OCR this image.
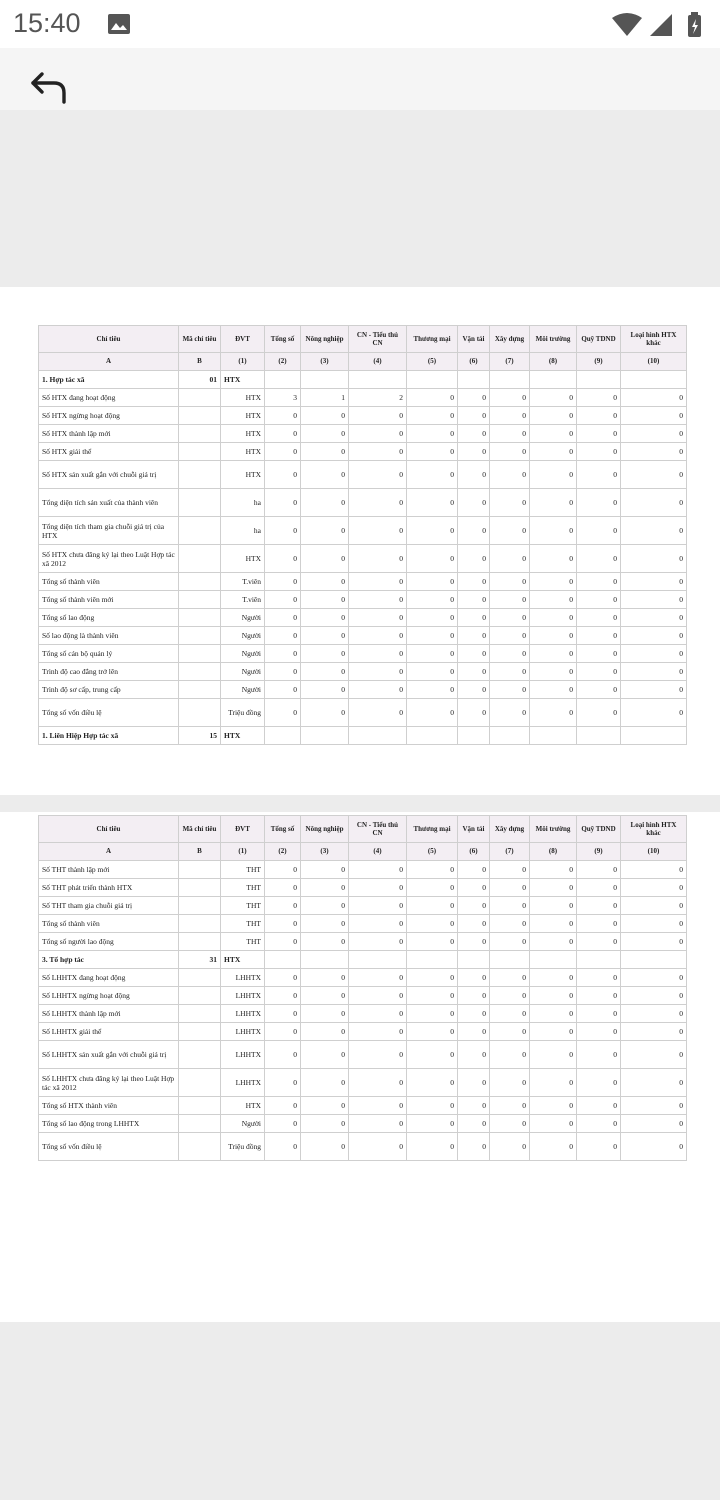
15:40
Chỉ tiêu	Mã chỉ tiêu	ĐVT	Tổng số	Nông nghiệp	CN - Tiểu thủ CN	Thương mại	Vận tải	Xây dựng	Môi trường	Quỹ TDND	Loại hình HTX khác
A	B	(1)	(2)	(3)	(4)	(5)	(6)	(7)	(8)	(9)	(10)
1. Hợp tác xã	01	HTX									
Số HTX đang hoạt động		HTX	3	1	2	0	0	0	0	0	0
Số HTX ngừng hoạt động		HTX	0	0	0	0	0	0	0	0	0
Số HTX thành lập mới		HTX	0	0	0	0	0	0	0	0	0
Số HTX giải thể		HTX	0	0	0	0	0	0	0	0	0
Số HTX sản xuất gắn với chuỗi giá trị		HTX	0	0	0	0	0	0	0	0	0
Tổng diện tích sản xuất của thành viên		ha	0	0	0	0	0	0	0	0	0
Tổng diện tích tham gia chuỗi giá trị của HTX		ha	0	0	0	0	0	0	0	0	0
Số HTX chưa đăng ký lại theo Luật Hợp tác xã 2012		HTX	0	0	0	0	0	0	0	0	0
Tổng số thành viên		T.viên	0	0	0	0	0	0	0	0	0
Tổng số thành viên mới		T.viên	0	0	0	0	0	0	0	0	0
Tổng số lao động		Người	0	0	0	0	0	0	0	0	0
Số lao động là thành viên		Người	0	0	0	0	0	0	0	0	0
Tổng số cán bộ quản lý		Người	0	0	0	0	0	0	0	0	0
Trình độ cao đẳng trở lên		Người	0	0	0	0	0	0	0	0	0
Trình độ sơ cấp, trung cấp		Người	0	0	0	0	0	0	0	0	0
Tổng số vốn điều lệ		Triệu đồng	0	0	0	0	0	0	0	0	0
1. Liên Hiệp Hợp tác xã	15	HTX									
Chỉ tiêu	Mã chỉ tiêu	ĐVT	Tổng số	Nông nghiệp	CN - Tiểu thủ CN	Thương mại	Vận tải	Xây dựng	Môi trường	Quỹ TDND	Loại hình HTX khác
A	B	(1)	(2)	(3)	(4)	(5)	(6)	(7)	(8)	(9)	(10)
Số THT thành lập mới		THT	0	0	0	0	0	0	0	0	0
Số THT phát triển thành HTX		THT	0	0	0	0	0	0	0	0	0
Số THT tham gia chuỗi giá trị		THT	0	0	0	0	0	0	0	0	0
Tổng số thành viên		THT	0	0	0	0	0	0	0	0	0
Tổng số người lao động		THT	0	0	0	0	0	0	0	0	0
3. Tổ hợp tác	31	HTX									
Số LHHTX đang hoạt động		LHHTX	0	0	0	0	0	0	0	0	0
Số LHHTX ngừng hoạt động		LHHTX	0	0	0	0	0	0	0	0	0
Số LHHTX thành lập mới		LHHTX	0	0	0	0	0	0	0	0	0
Số LHHTX giải thể		LHHTX	0	0	0	0	0	0	0	0	0
Số LHHTX sản xuất gắn với chuỗi giá trị		LHHTX	0	0	0	0	0	0	0	0	0
Số LHHTX chưa đăng ký lại theo Luật Hợp tác xã 2012		LHHTX	0	0	0	0	0	0	0	0	0
Tổng số HTX thành viên		HTX	0	0	0	0	0	0	0	0	0
Tổng số lao động trong LHHTX		Người	0	0	0	0	0	0	0	0	0
Tổng số vốn điều lệ		Triệu đồng	0	0	0	0	0	0	0	0	0
